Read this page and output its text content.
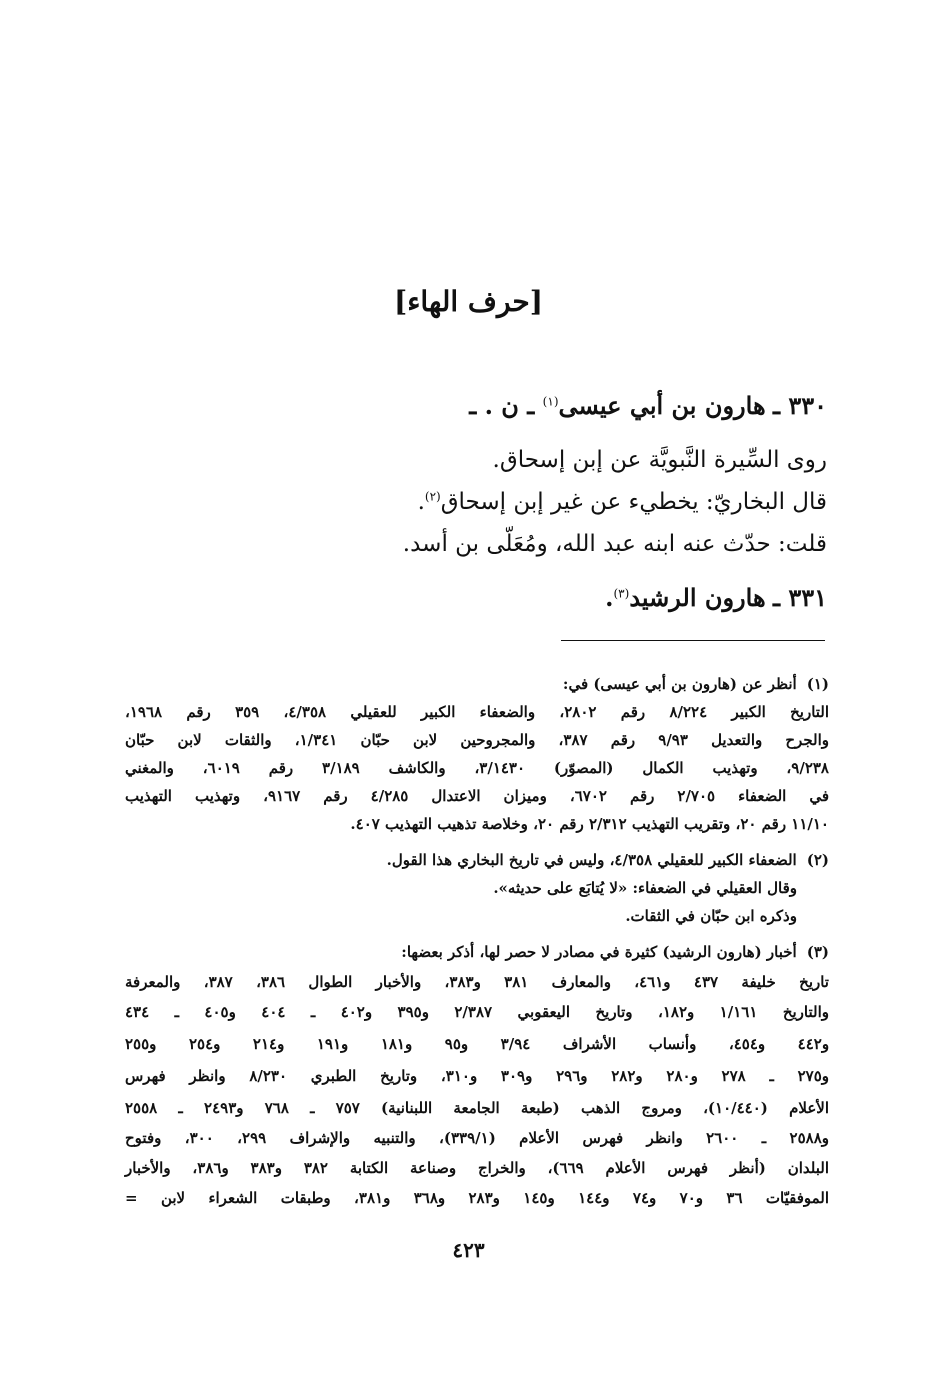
[حرف الهاء]
٣٣٠ ـ هارون بن أبي عيسى$^{(١)}$ ـ ن . ـ
روى السِّيرة النَّبويَّة عن إبن إسحاق.
قال البخاريّ: يخطيء عن غير إبن إسحاق$^{(٢)}$.
قلت: حدّث عنه ابنه عبد الله، ومُعَلّى بن أسد.
٣٣١ ـ هارون الرشيد$^{(٣)}$.
(١)أنظر عن (هارون بن أبي عيسى) في:
التاريخ الكبير ٨/٢٢٤ رقم ٢٨٠٢، والضعفاء الكبير للعقيلي ٤/٣٥٨، ٣٥٩ رقم ١٩٦٨،
والجرح والتعديل ٩/٩٣ رقم ٣٨٧، والمجروحين لابن حبّان ١/٣٤١، والثقات لابن حبّان
٩/٢٣٨، وتهذيب الكمال (المصوّر) ٣/١٤٣٠، والكاشف ٣/١٨٩ رقم ٦٠١٩، والمغني
في الضعفاء ٢/٧٠٥ رقم ٦٧٠٢، وميزان الاعتدال ٤/٢٨٥ رقم ٩١٦٧، وتهذيب التهذيب
١١/١٠ رقم ٢٠، وتقريب التهذيب ٢/٣١٢ رقم ٢٠، وخلاصة تذهيب التهذيب ٤٠٧.
(٢)الضعفاء الكبير للعقيلي ٤/٣٥٨، وليس في تاريخ البخاري هذا القول.
وقال العقيلي في الضعفاء: «لا يُتابَع على حديثه».
وذكره ابن حبّان في الثقات.
(٣)أخبار (هارون الرشيد) كثيرة في مصادر لا حصر لها، أذكر بعضها:
تاريخ خليفة ٤٣٧ و٤٦١، والمعارف ٣٨١ و٣٨٣، والأخبار الطوال ٣٨٦، ٣٨٧، والمعرفة
والتاريخ ١/١٦١ و١٨٢، وتاريخ اليعقوبي ٢/٣٨٧ و٣٩٥ و٤٠٢ ـ ٤٠٤ و٤٠٥ ـ ٤٣٤
و٤٤٢ و٤٥٤، وأنساب الأشراف ٣/٩٤ و٩٥ و١٨١ و١٩١ و٢١٤ و٢٥٤ و٢٥٥
و٢٧٥ ـ ٢٧٨ و٢٨٠ و٢٨٢ و٢٩٦ و٣٠٩ و٣١٠، وتاريخ الطبري ٨/٢٣٠ وانظر فهرس
الأعلام (١٠/٤٤٠)، ومروج الذهب (طبعة الجامعة اللبنانية) ٧٥٧ ـ ٧٦٨ و٢٤٩٣ ـ ٢٥٥٨
و٢٥٨٨ ـ ٢٦٠٠ وانظر فهرس الأعلام (٣٣٩/١)، والتنبيه والإشراف ٢٩٩، ٣٠٠، وفتوح
البلدان (أنظر فهرس الأعلام ٦٦٩)، والخراج وصناعة الكتابة ٣٨٢ و٣٨٣ و٣٨٦، والأخبار
الموفقيّات ٣٦ و٧٠ و٧٤ و١٤٤ و١٤٥ و٢٨٣ و٣٦٨ و٣٨١، وطبقات الشعراء لابن =
٤٢٣
